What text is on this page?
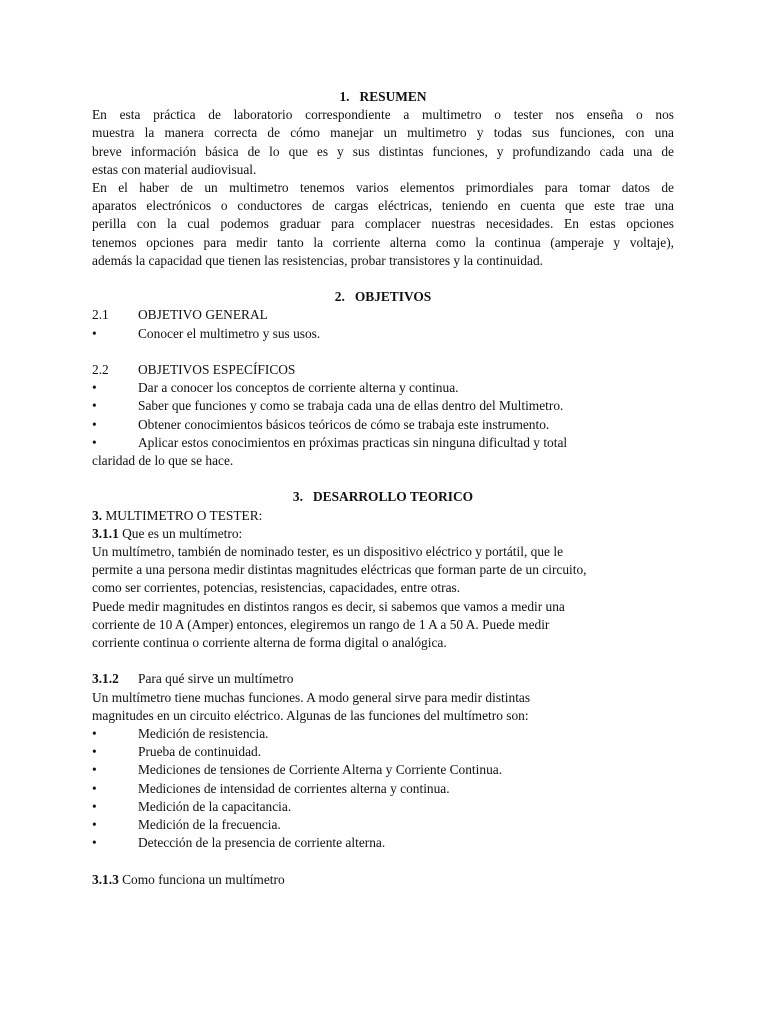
1. RESUMEN

En esta práctica de laboratorio correspondiente a multimetro o tester nos enseña o nos

muestra la manera correcta de cómo manejar un multimetro y todas sus funciones, con una

breve información básica de lo que es y sus distintas funciones, y profundizando cada una de

estas con material audiovisual.

En el haber de un multimetro tenemos varios elementos primordiales para tomar datos de

aparatos electrónicos o conductores de cargas eléctricas, teniendo en cuenta que este trae una

perilla con la cual podemos graduar para complacer nuestras necesidades. En estas opciones

tenemos opciones para medir tanto la corriente alterna como la continua (amperaje y voltaje),

además la capacidad que tienen las resistencias, probar transistores y la continuidad.

2. OBJETIVOS

2.1	OBJETIVO GENERAL
•	Conocer el multimetro y sus usos.
2.2	OBJETIVOS ESPECÍFICOS
•	Dar a conocer los conceptos de corriente alterna y continua.
•	Saber que funciones y como se trabaja cada una de ellas dentro del Multimetro.
•	Obtener conocimientos básicos teóricos de cómo se trabaja este instrumento.
•	Aplicar estos conocimientos en próximas practicas sin ninguna dificultad y total

claridad de lo que se hace.

3. DESARROLLO TEORICO

3. MULTIMETRO O TESTER:

3.1.1 Que es un multímetro:

Un multímetro, también de nominado tester, es un dispositivo eléctrico y portátil, que le

permite a una persona medir distintas magnitudes eléctricas que forman parte de un circuito,

como ser corrientes, potencias, resistencias, capacidades, entre otras.

Puede medir magnitudes en distintos rangos es decir, si sabemos que vamos a medir una

corriente de 10 A (Amper) entonces, elegiremos un rango de 1 A a 50 A. Puede medir

corriente continua o corriente alterna de forma digital o analógica.

3.1.2	Para qué sirve un multímetro

Un multímetro tiene muchas funciones. A modo general sirve para medir distintas

magnitudes en un circuito eléctrico. Algunas de las funciones del multímetro son:

•	Medición de resistencia.
•	Prueba de continuidad.
•	Mediciones de tensiones de Corriente Alterna y Corriente Continua.
•	Mediciones de intensidad de corrientes alterna y continua.
•	Medición de la capacitancia.
•	Medición de la frecuencia.
•	Detección de la presencia de corriente alterna.

3.1.3 Como funciona un multímetro
